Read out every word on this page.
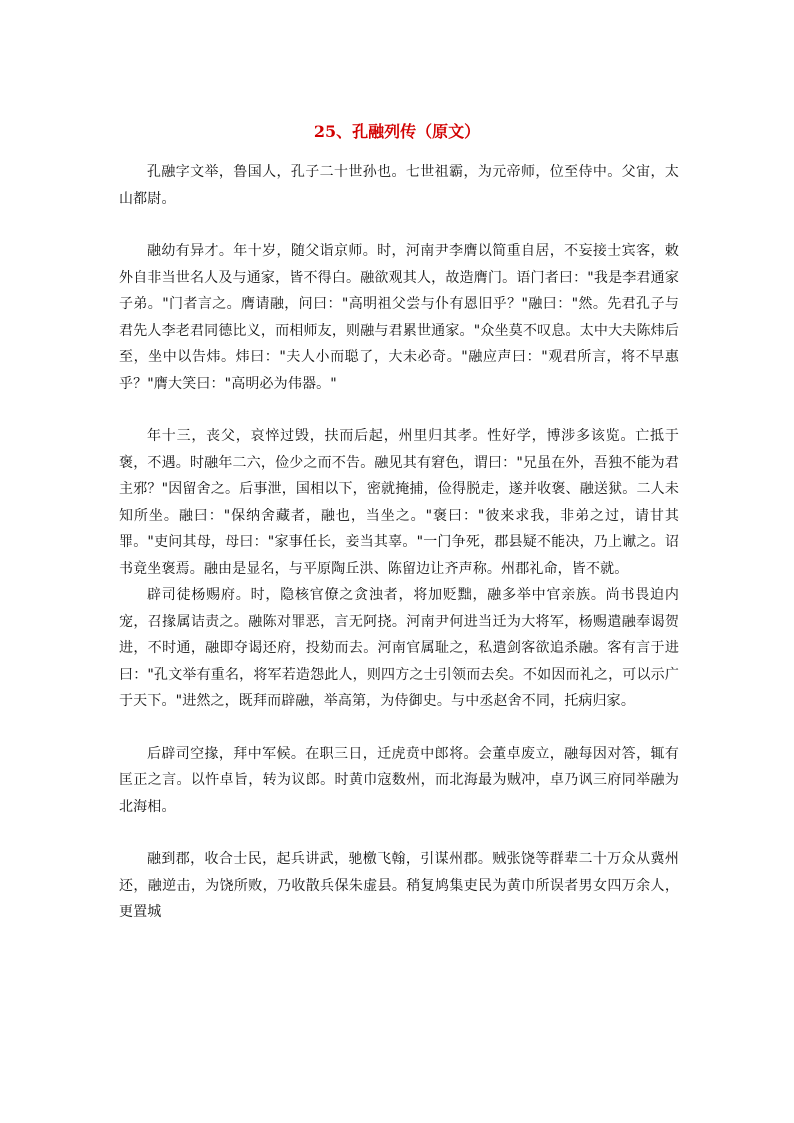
25、孔融列传（原文）

孔融字文举，鲁国人，孔子二十世孙也。七世祖霸，为元帝师，位至侍中。父宙，太山都尉。

融幼有异才。年十岁，随父诣京师。时，河南尹李膺以简重自居，不妄接士宾客，敕外自非当世名人及与通家，皆不得白。融欲观其人，故造膺门。语门者曰："我是李君通家子弟。"门者言之。膺请融，问曰："高明祖父尝与仆有恩旧乎？"融曰："然。先君孔子与君先人李老君同德比义，而相师友，则融与君累世通家。"众坐莫不叹息。太中大夫陈炜后至，坐中以告炜。炜曰："夫人小而聪了，大未必奇。"融应声曰："观君所言，将不早惠乎？"膺大笑曰："高明必为伟器。"

年十三，丧父，哀悴过毁，扶而后起，州里归其孝。性好学，博涉多该览。亡抵于褒，不遇。时融年二六，俭少之而不告。融见其有窘色，谓曰："兄虽在外，吾独不能为君主邪？"因留舍之。后事泄，国相以下，密就掩捕，俭得脱走，遂并收褒、融送狱。二人未知所坐。融曰："保纳舍藏者，融也，当坐之。"褒曰："彼来求我，非弟之过，请甘其罪。"吏问其母，母曰："家事任长，妾当其辜。"一门争死，郡县疑不能决，乃上谳之。诏书竟坐褒焉。融由是显名，与平原陶丘洪、陈留边让齐声称。州郡礼命，皆不就。

辟司徒杨赐府。时，隐核官僚之贪浊者，将加贬黜，融多举中官亲族。尚书畏迫内宠，召掾属诘责之。融陈对罪恶，言无阿挠。河南尹何进当迁为大将军，杨赐遣融奉谒贺进，不时通，融即夺谒还府，投劾而去。河南官属耻之，私遣剑客欲追杀融。客有言于进曰："孔文举有重名，将军若造怨此人，则四方之士引领而去矣。不如因而礼之，可以示广于天下。"进然之，既拜而辟融，举高第，为侍御史。与中丞赵舍不同，托病归家。

后辟司空掾，拜中军候。在职三日，迁虎贲中郎将。会董卓废立，融每因对答，辄有匡正之言。以忤卓旨，转为议郎。时黄巾寇数州，而北海最为贼冲，卓乃讽三府同举融为北海相。

融到郡，收合士民，起兵讲武，驰檄飞翰，引谋州郡。贼张饶等群辈二十万众从冀州还，融逆击，为饶所败，乃收散兵保朱虚县。稍复鸠集吏民为黄巾所误者男女四万余人，更置城
